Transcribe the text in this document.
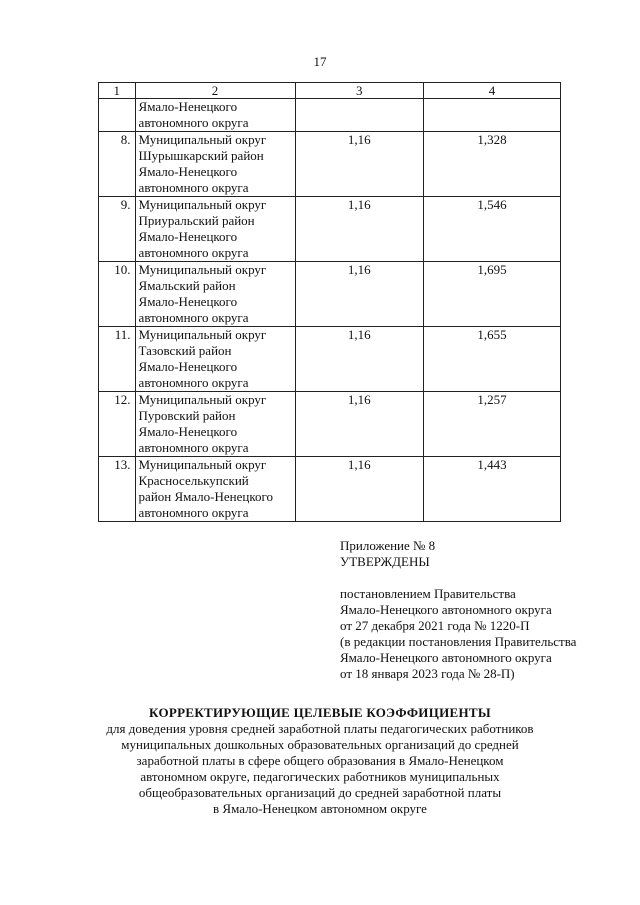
17
1	2	3	4

	Ямало-Ненецкого
автономного округа		

8.	Муниципальный округ
Шурышкарский район
Ямало-Ненецкого
автономного округа	1,16	1,328
9.	Муниципальный округ
Приуральский район
Ямало-Ненецкого
автономного округа	1,16	1,546
10.	Муниципальный округ
Ямальский район
Ямало-Ненецкого
автономного округа	1,16	1,695
11.	Муниципальный округ
Тазовский район
Ямало-Ненецкого
автономного округа	1,16	1,655
12.	Муниципальный округ
Пуровский район
Ямало-Ненецкого
автономного округа	1,16	1,257
13.	Муниципальный округ
Красноселькупский
район Ямало-Ненецкого
автономного округа	1,16	1,443
Приложение № 8
УТВЕРЖДЕНЫ
постановлением Правительства
Ямало-Ненецкого автономного округа
от 27 декабря 2021 года № 1220-П
(в редакции постановления Правительства
Ямало-Ненецкого автономного округа
от 18 января 2023 года № 28-П)
КОРРЕКТИРУЮЩИЕ ЦЕЛЕВЫЕ КОЭФФИЦИЕНТЫ
для доведения уровня средней заработной платы педагогических работников
муниципальных дошкольных образовательных организаций до средней
заработной платы в сфере общего образования в Ямало-Ненецком
автономном округе, педагогических работников муниципальных
общеобразовательных организаций до средней заработной платы
в Ямало-Ненецком автономном округе
